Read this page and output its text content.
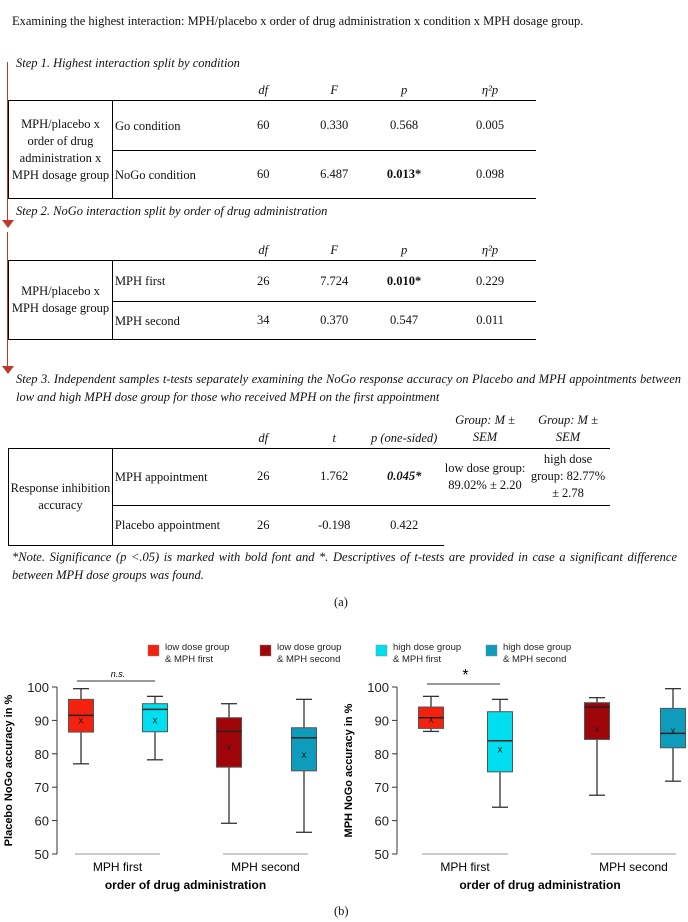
Examining the highest interaction: MPH/placebo x order of drug administration x condition x MPH dosage group.
Step 1. Highest interaction split by condition
		df	F	p	η²p
MPH/placebo x order of drug administration x MPH dosage group	Go condition	60	0.330	0.568	0.005
	NoGo condition	60	6.487	0.013*	0.098
Step 2. NoGo interaction split by order of drug administration
		df	F	p	η²p
MPH/placebo x MPH dosage group	MPH first	26	7.724	0.010*	0.229
	MPH second	34	0.370	0.547	0.011
Step 3. Independent samples t-tests separately examining the NoGo response accuracy on Placebo and MPH appointments between low and high MPH dose group for those who received MPH on the first appointment
		df	t	p (one-sided)	Group: M ± SEM	Group: M ± SEM
Response inhibition accuracy	MPH appointment	26	1.762	0.045*	low dose group: 89.02% ± 2.20	high dose group: 82.77% ± 2.78
	Placebo appointment	26	-0.198	0.422		
*Note. Significance (p <.05) is marked with bold font and *. Descriptives of t-tests are provided in case a significant difference between MPH dose groups was found.
(a)
low dose group
& MPH first
low dose group
& MPH second
high dose group
& MPH first
high dose group
& MPH second
50
60
70
80
90
100
Placebo NoGo accuracy in %
MPH first	MPH second
order of drug administration
x	x
x
x
n.s.
50
60
70
80
90
100
MPH NoGo accuracy in %
MPH first	MPH second
order of drug administration
x
x
x	x
*
(b)
